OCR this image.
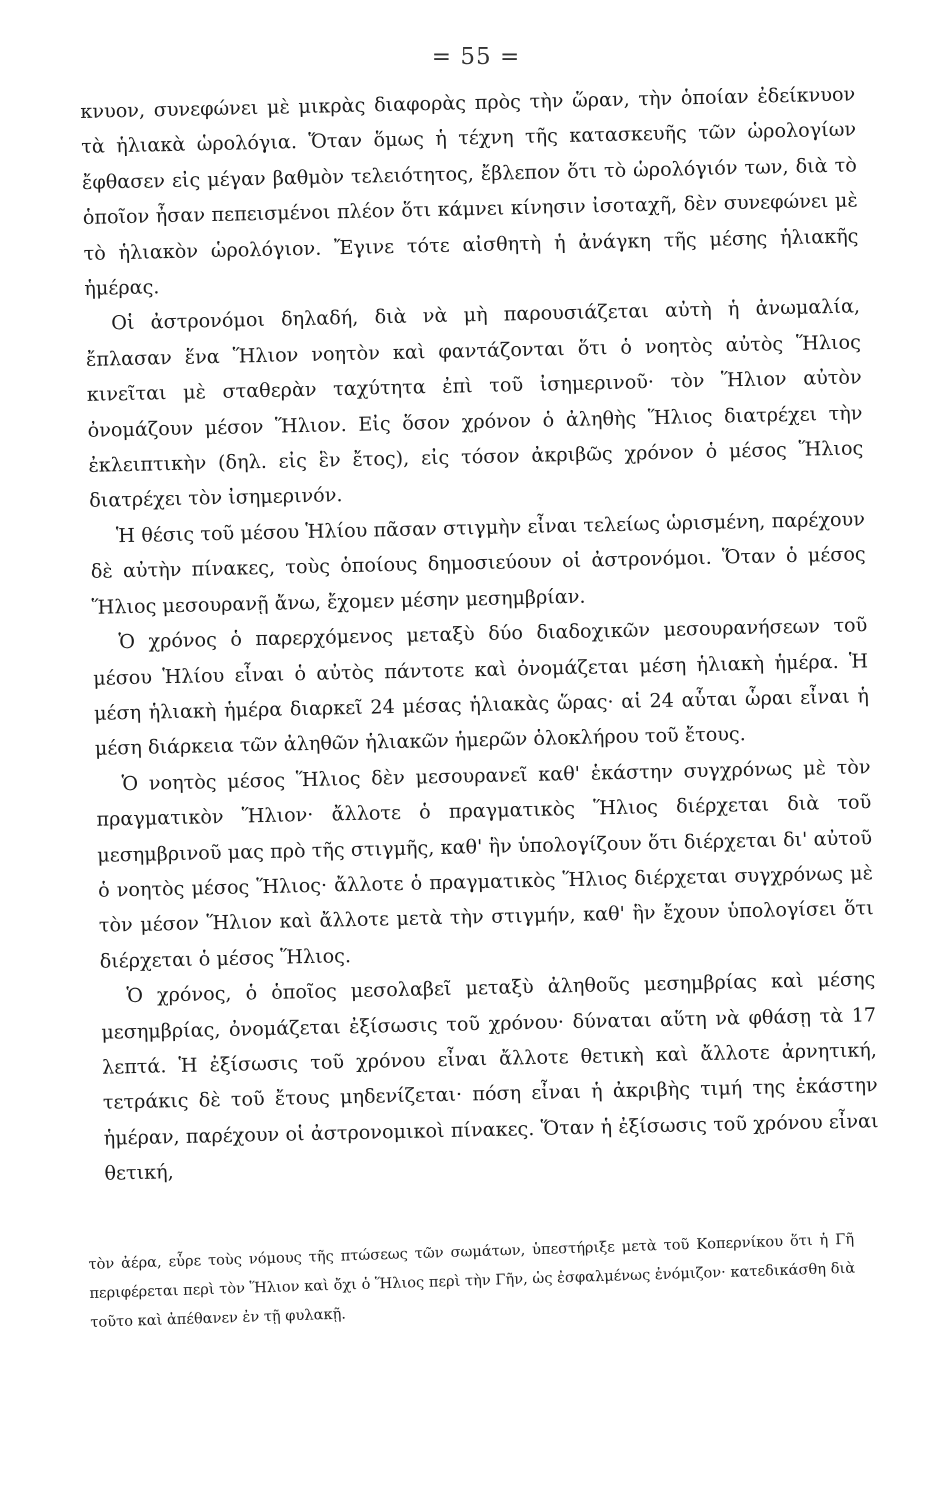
= 55 =

κνυον, συνεφώνει μὲ μικρὰς διαφορὰς πρὸς τὴν ὥραν, τὴν ὁποίαν ἐδείκνυον τὰ ἡλιακὰ ὡρολόγια. Ὅταν ὅμως ἡ τέχνη τῆς κατασκευῆς τῶν ὡρολογίων ἔφθασεν εἰς μέγαν βαθμὸν τελειότητος, ἔβλεπον ὅτι τὸ ὡρολόγιόν των, διὰ τὸ ὁποῖον ἦσαν πεπεισμένοι πλέον ὅτι κάμνει κίνησιν ἰσοταχῆ, δὲν συνεφώνει μὲ τὸ ἡλιακὸν ὡρολόγιον. Ἔγινε τότε αἰσθητὴ ἡ ἀνάγκη τῆς μέσης ἡλιακῆς ἡμέρας.

Οἱ ἀστρονόμοι δηλαδή, διὰ νὰ μὴ παρουσιάζεται αὐτὴ ἡ ἀνωμαλία, ἔπλασαν ἕνα Ἥλιον νοητὸν καὶ φαντάζονται ὅτι ὁ νοητὸς αὐτὸς Ἥλιος κινεῖται μὲ σταθερὰν ταχύτητα ἐπὶ τοῦ ἰσημερινοῦ· τὸν Ἥλιον αὐτὸν ὀνομάζουν μέσον Ἥλιον. Εἰς ὅσον χρόνον ὁ ἀληθὴς Ἥλιος διατρέχει τὴν ἐκλειπτικὴν (δηλ. εἰς ἓν ἔτος), εἰς τόσον ἀκριβῶς χρόνον ὁ μέσος Ἥλιος διατρέχει τὸν ἰσημερινόν.

Ἡ θέσις τοῦ μέσου Ἡλίου πᾶσαν στιγμὴν εἶναι τελείως ὡρισμένη, παρέχουν δὲ αὐτὴν πίνακες, τοὺς ὁποίους δημοσιεύουν οἱ ἀστρονόμοι. Ὅταν ὁ μέσος Ἥλιος μεσουρανῇ ἄνω, ἔχομεν μέσην μεσημβρίαν.

Ὁ χρόνος ὁ παρερχόμενος μεταξὺ δύο διαδοχικῶν μεσουρανήσεων τοῦ μέσου Ἡλίου εἶναι ὁ αὐτὸς πάντοτε καὶ ὀνομάζεται μέση ἡλιακὴ ἡμέρα. Ἡ μέση ἡλιακὴ ἡμέρα διαρκεῖ 24 μέσας ἡλιακὰς ὥρας· αἱ 24 αὗται ὧραι εἶναι ἡ μέση διάρκεια τῶν ἀληθῶν ἡλιακῶν ἡμερῶν ὁλοκλήρου τοῦ ἔτους.

Ὁ νοητὸς μέσος Ἥλιος δὲν μεσουρανεῖ καθ' ἑκάστην συγχρόνως μὲ τὸν πραγματικὸν Ἥλιον· ἄλλοτε ὁ πραγματικὸς Ἥλιος διέρχεται διὰ τοῦ μεσημβρινοῦ μας πρὸ τῆς στιγμῆς, καθ' ἣν ὑπολογίζουν ὅτι διέρχεται δι' αὐτοῦ ὁ νοητὸς μέσος Ἥλιος· ἄλλοτε ὁ πραγματικὸς Ἥλιος διέρχεται συγχρόνως μὲ τὸν μέσον Ἥλιον καὶ ἄλλοτε μετὰ τὴν στιγμήν, καθ' ἣν ἔχουν ὑπολογίσει ὅτι διέρχεται ὁ μέσος Ἥλιος.

Ὁ χρόνος, ὁ ὁποῖος μεσολαβεῖ μεταξὺ ἀληθοῦς μεσημβρίας καὶ μέσης μεσημβρίας, ὀνομάζεται ἐξίσωσις τοῦ χρόνου· δύναται αὕτη νὰ φθάσῃ τὰ 17 λεπτά. Ἡ ἐξίσωσις τοῦ χρόνου εἶναι ἄλλοτε θετικὴ καὶ ἄλλοτε ἀρνητική, τετράκις δὲ τοῦ ἔτους μηδενίζεται· πόση εἶναι ἡ ἀκριβὴς τιμή της ἑκάστην ἡμέραν, παρέχουν οἱ ἀστρονομικοὶ πίνακες. Ὅταν ἡ ἐξίσωσις τοῦ χρόνου εἶναι θετική,

τὸν ἀέρα, εὗρε τοὺς νόμους τῆς πτώσεως τῶν σωμάτων, ὑπεστήριξε μετὰ τοῦ Κοπερνίκου ὅτι ἡ Γῆ περιφέρεται περὶ τὸν Ἥλιον καὶ ὄχι ὁ Ἥλιος περὶ τὴν Γῆν, ὡς ἐσφαλμένως ἐνόμιζον· κατεδικάσθη διὰ τοῦτο καὶ ἀπέθανεν ἐν τῇ φυλακῇ.
